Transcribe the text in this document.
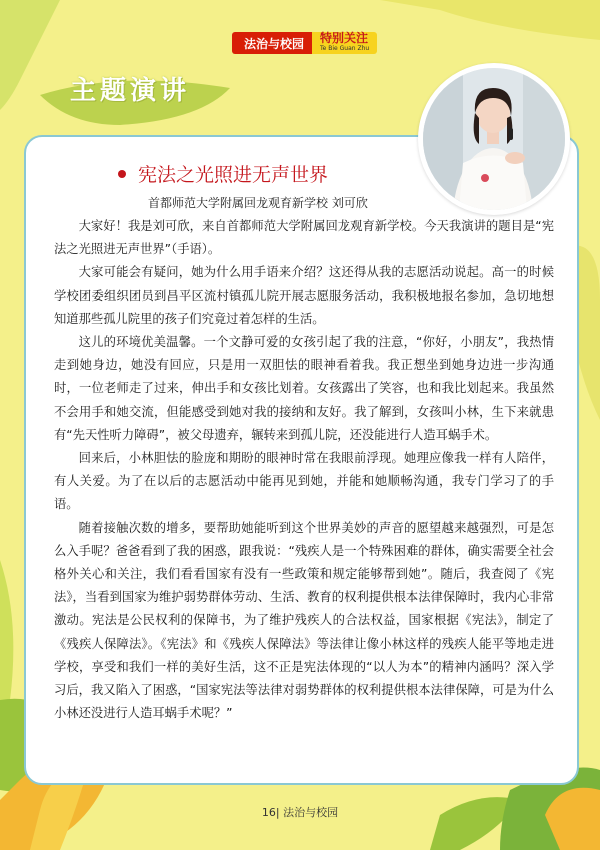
法治与校园	特别关注
Te Bie Guan Zhu
主题演讲
宪法之光照进无声世界
首都师范大学附属回龙观育新学校 刘可欣

大家好！我是刘可欣，来自首都师范大学附属回龙观育新学校。今天我演讲的题目是“宪法之光照进无声世界”（手语）。

大家可能会有疑问，她为什么用手语来介绍？这还得从我的志愿活动说起。高一的时候学校团委组织团员到昌平区流村镇孤儿院开展志愿服务活动，我积极地报名参加，急切地想知道那些孤儿院里的孩子们究竟过着怎样的生活。

这儿的环境优美温馨。一个文静可爱的女孩引起了我的注意，“你好，小朋友”，我热情走到她身边，她没有回应，只是用一双胆怯的眼神看着我。我正想坐到她身边进一步沟通时，一位老师走了过来，伸出手和女孩比划着。女孩露出了笑容，也和我比划起来。我虽然不会用手和她交流，但能感受到她对我的接纳和友好。我了解到，女孩叫小林，生下来就患有“先天性听力障碍”，被父母遗弃，辗转来到孤儿院，还没能进行人造耳蜗手术。

回来后，小林胆怯的脸庞和期盼的眼神时常在我眼前浮现。她理应像我一样有人陪伴，有人关爱。为了在以后的志愿活动中能再见到她，并能和她顺畅沟通，我专门学习了的手语。

随着接触次数的增多，要帮助她能听到这个世界美妙的声音的愿望越来越强烈，可是怎么入手呢？爸爸看到了我的困惑，跟我说：“残疾人是一个特殊困难的群体，确实需要全社会格外关心和关注，我们看看国家有没有一些政策和规定能够帮到她”。随后，我查阅了《宪法》，当看到国家为维护弱势群体劳动、生活、教育的权利提供根本法律保障时，我内心非常激动。宪法是公民权利的保障书，为了维护残疾人的合法权益，国家根据《宪法》，制定了《残疾人保障法》。《宪法》和《残疾人保障法》等法律让像小林这样的残疾人能平等地走进学校，享受和我们一样的美好生活，这不正是宪法体现的“以人为本”的精神内涵吗？深入学习后，我又陷入了困惑，“国家宪法等法律对弱势群体的权利提供根本法律保障，可是为什么小林还没进行人造耳蜗手术呢？”

16| 法治与校园
